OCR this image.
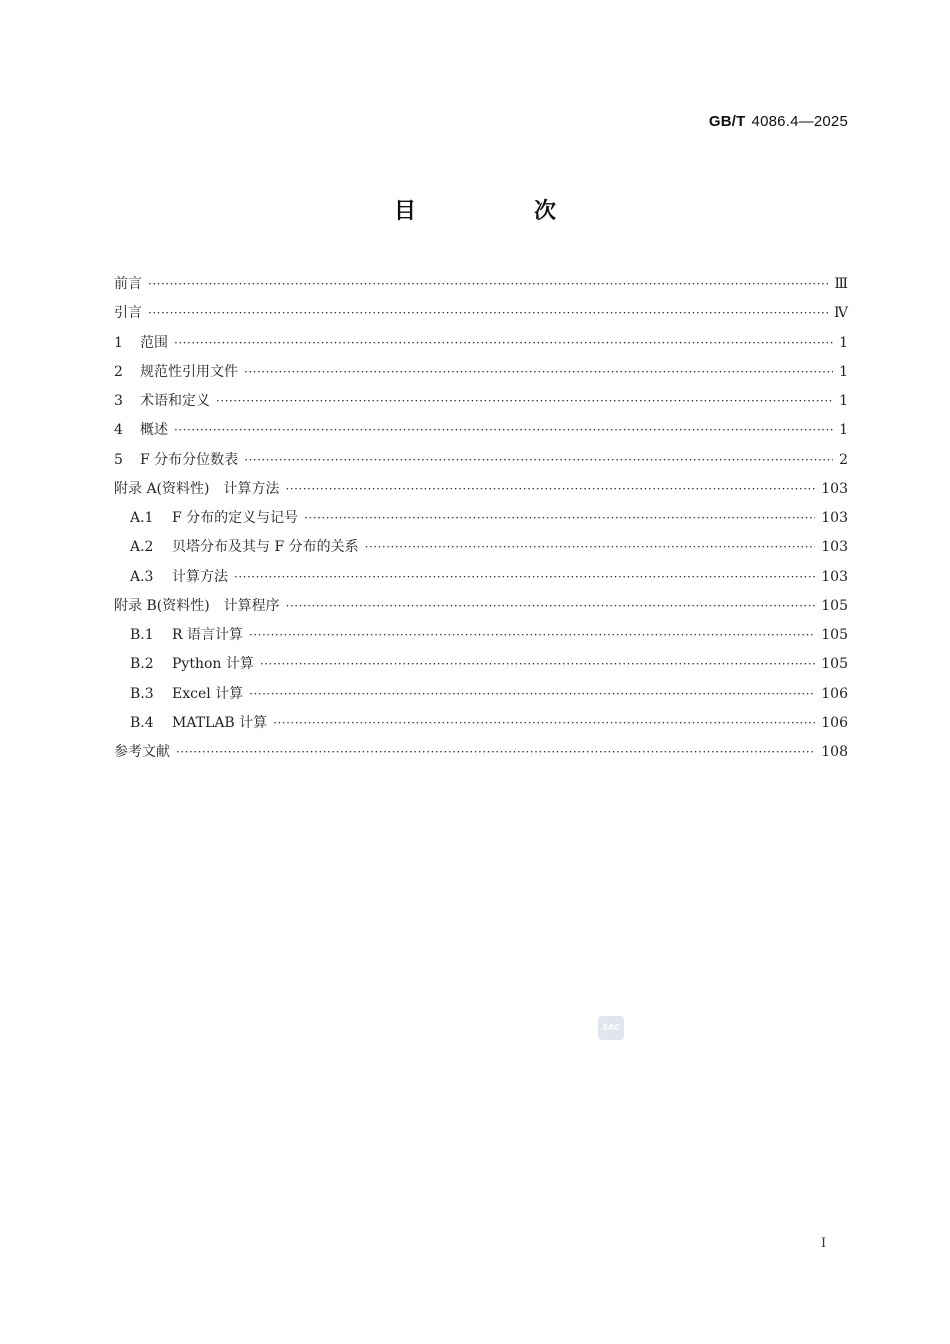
GB/T 4086.4—2025
目　次
前言 ·····	Ⅲ
引言 ·····	Ⅳ
1	范围 ·····	1
2	规范性引用文件 ·····	1
3	术语和定义 ·····	1
4	概述 ·····	1
5	F 分布分位数表 ·····	2
附录 A(资料性)　计算方法 ·····	103
A.1	F 分布的定义与记号 ·····	103
A.2	贝塔分布及其与 F 分布的关系 ·····	103
A.3	计算方法 ·····	103
附录 B(资料性)　计算程序 ·····	105
B.1	R 语言计算 ·····	105
B.2	Python 计算 ·····	105
B.3	Excel 计算 ·····	106
B.4	MATLAB 计算 ·····	106
参考文献 ·····	108
SAC
I
